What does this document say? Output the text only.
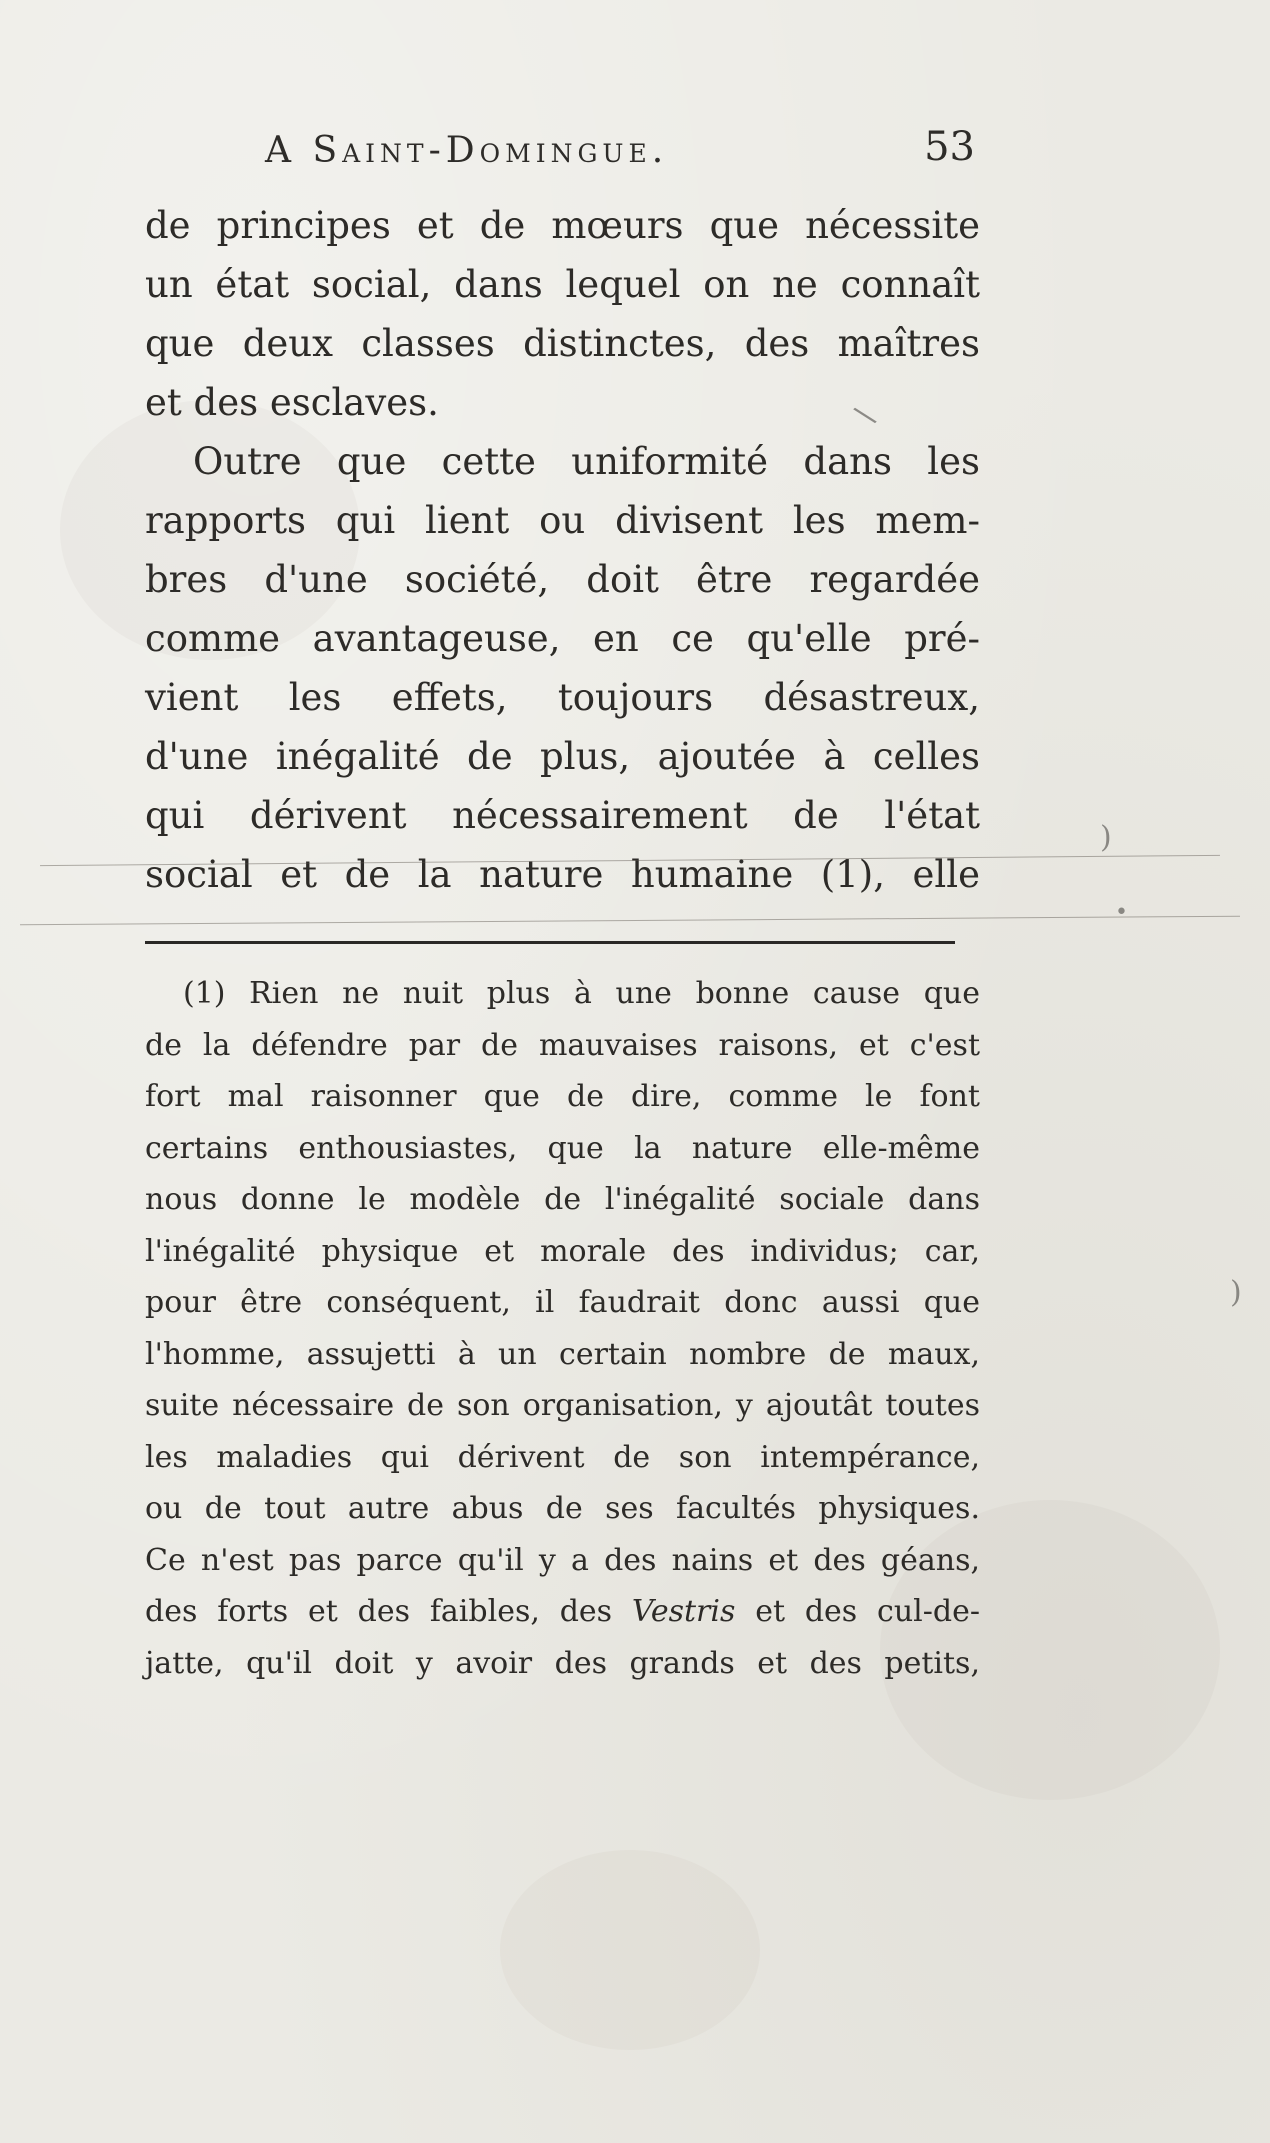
A Saint-Domingue.	53
de principes et de mœurs que nécessite
un état social, dans lequel on ne connaît
que deux classes distinctes, des maîtres
et des esclaves.
Outre que cette uniformité dans les
rapports qui lient ou divisent les mem-
bres d'une société, doit être regardée
comme avantageuse, en ce qu'elle pré-
vient les effets, toujours désastreux,
d'une inégalité de plus, ajoutée à celles
qui dérivent nécessairement de l'état
social et de la nature humaine (1), elle
(1) Rien ne nuit plus à une bonne cause que
de la défendre par de mauvaises raisons, et c'est
fort mal raisonner que de dire, comme le font
certains enthousiastes, que la nature elle-même
nous donne le modèle de l'inégalité sociale dans
l'inégalité physique et morale des individus; car,
pour être conséquent, il faudrait donc aussi que
l'homme, assujetti à un certain nombre de maux,
suite nécessaire de son organisation, y ajoutât toutes
les maladies qui dérivent de son intempérance,
ou de tout autre abus de ses facultés physiques.
Ce n'est pas parce qu'il y a des nains et des géans,
des forts et des faibles, des Vestris et des cul-de-
jatte, qu'il doit y avoir des grands et des petits,
\
)
)
•
